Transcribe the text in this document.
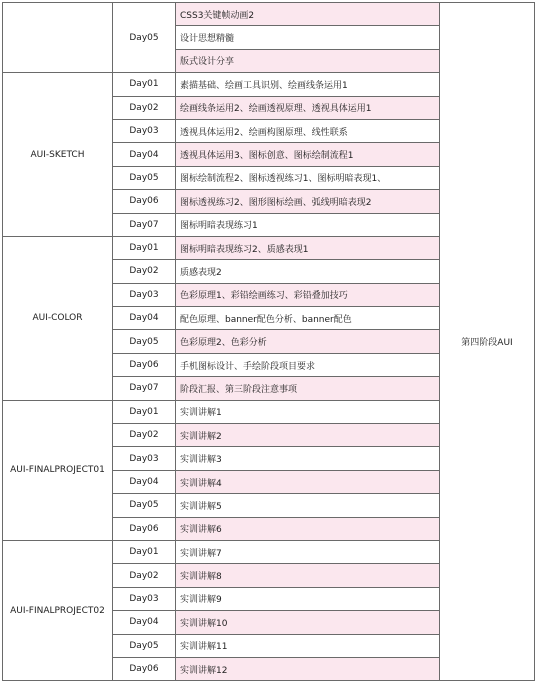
	Day05	CSS3关键帧动画2	第四阶段AUI
		设计思想精髓	
		版式设计分享	
AUI-SKETCH	Day01	素描基础、绘画工具识别、绘画线条运用1	
	Day02	绘画线条运用2、绘画透视原理、透视具体运用1	
	Day03	透视具体运用2、绘画构图原理、线性联系	
	Day04	透视具体运用3、图标创意、图标绘制流程1	
	Day05	图标绘制流程2、图标透视练习1、图标明暗表现1、	
	Day06	图标透视练习2、图形图标绘画、弧线明暗表现2	
	Day07	图标明暗表现练习1	
AUI-COLOR	Day01	图标明暗表现练习2、质感表现1	
	Day02	质感表现2	
	Day03	色彩原理1、彩铅绘画练习、彩铅叠加技巧	
	Day04	配色原理、banner配色分析、banner配色	
	Day05	色彩原理2、色彩分析	
	Day06	手机图标设计、手绘阶段项目要求	
	Day07	阶段汇报、第三阶段注意事项	
AUI-FINALPROJECT01	Day01	实训讲解1	
	Day02	实训讲解2	
	Day03	实训讲解3	
	Day04	实训讲解4	
	Day05	实训讲解5	
	Day06	实训讲解6	
AUI-FINALPROJECT02	Day01	实训讲解7	
	Day02	实训讲解8	
	Day03	实训讲解9	
	Day04	实训讲解10	
	Day05	实训讲解11	
	Day06	实训讲解12	
